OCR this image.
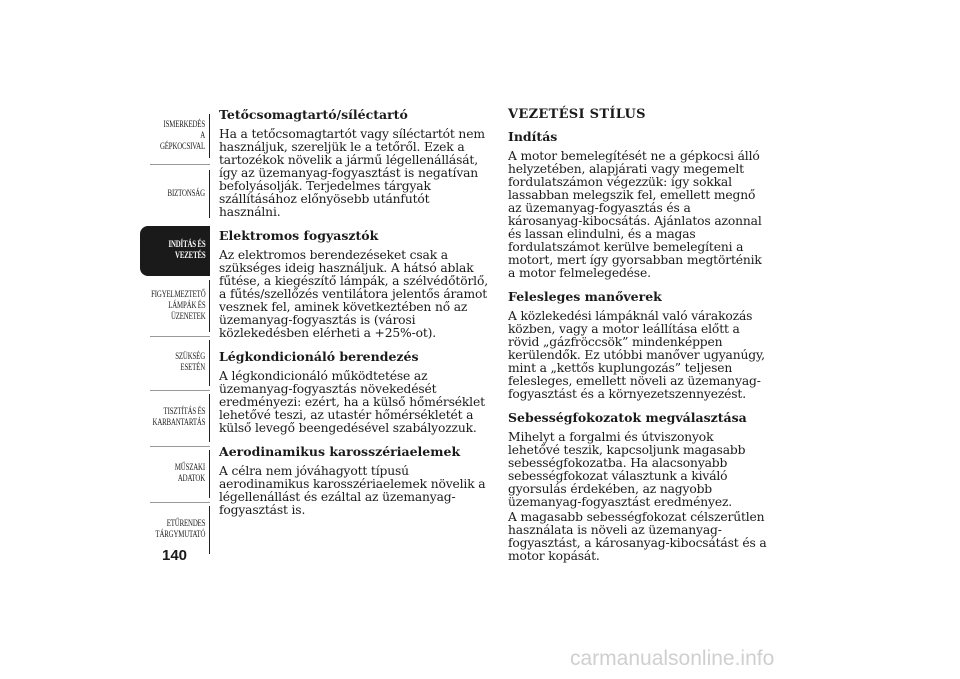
ISMERKEDÉS A
GÉPKOCSIVAL
BIZTONSÁG
INDÍTÁS ÉS
VEZETÉS
FIGYELMEZTETŐ
LÁMPÁK ÉS
ÜZENETEK
SZÜKSÉG ESETÉN
TISZTÍTÁS ÉS
KARBANTARTÁS
MŰSZAKI ADATOK
ETŰRENDES
TÁRGYMUTATÓ
140
Tetőcsomagtartó/síléctartó

Ha a tetőcsomagtartót vagy síléctartót nem használjuk, szereljük le a tetőről. Ezek a tartozékok növelik a jármű légellenállását, így az üzemanyag-fogyasztást is negatívan befolyásolják. Terjedelmes tárgyak szállításához előnyösebb utánfutót használni.

Elektromos fogyasztók

Az elektromos berendezéseket csak a szükséges ideig használjuk. A hátsó ablak fűtése, a kiegészítő lámpák, a szélvédőtörlő, a fűtés/szellőzés ventilátora jelentős áramot vesznek fel, aminek következtében nő az üzemanyag-fogyasztás is (városi közlekedésben elérheti a +25%-ot).

Légkondicionáló berendezés

A légkondicionáló működtetése az üzemanyag-fogyasztás növekedését eredményezi: ezért, ha a külső hőmérséklet lehetővé teszi, az utastér hőmérsékletét a külső levegő beengedésével szabályozzuk.

Aerodinamikus karosszériaelemek

A célra nem jóváhagyott típusú aerodinamikus karosszériaelemek növelik a légellenállást és ezáltal az üzemanyag-fogyasztást is.

VEZETÉSI STÍLUS
Indítás

A motor bemelegítését ne a gépkocsi álló helyzetében, alapjárati vagy megemelt fordulatszámon végezzük: így sokkal lassabban melegszik fel, emellett megnő az üzemanyag-fogyasztás és a károsanyag-kibocsátás. Ajánlatos azonnal és lassan elindulni, és a magas fordulatszámot kerülve bemelegíteni a motort, mert így gyorsabban megtörténik a motor felmelegedése.

Felesleges manőverek

A közlekedési lámpáknál való várakozás közben, vagy a motor leállítása előtt a rövid „gázfröccsök” mindenképpen kerülendők. Ez utóbbi manőver ugyanúgy, mint a „kettős kuplungozás” teljesen felesleges, emellett növeli az üzemanyag-fogyasztást és a környezetszennyezést.

Sebességfokozatok megválasztása

Mihelyt a forgalmi és útviszonyok lehetővé teszik, kapcsoljunk magasabb sebességfokozatba. Ha alacsonyabb sebességfokozat választunk a kiváló gyorsulás érdekében, az nagyobb üzemanyag-fogyasztást eredményez.

A magasabb sebességfokozat célszerűtlen használata is növeli az üzemanyag-fogyasztást, a károsanyag-kibocsátást és a motor kopását.

carmanualsonline.info
